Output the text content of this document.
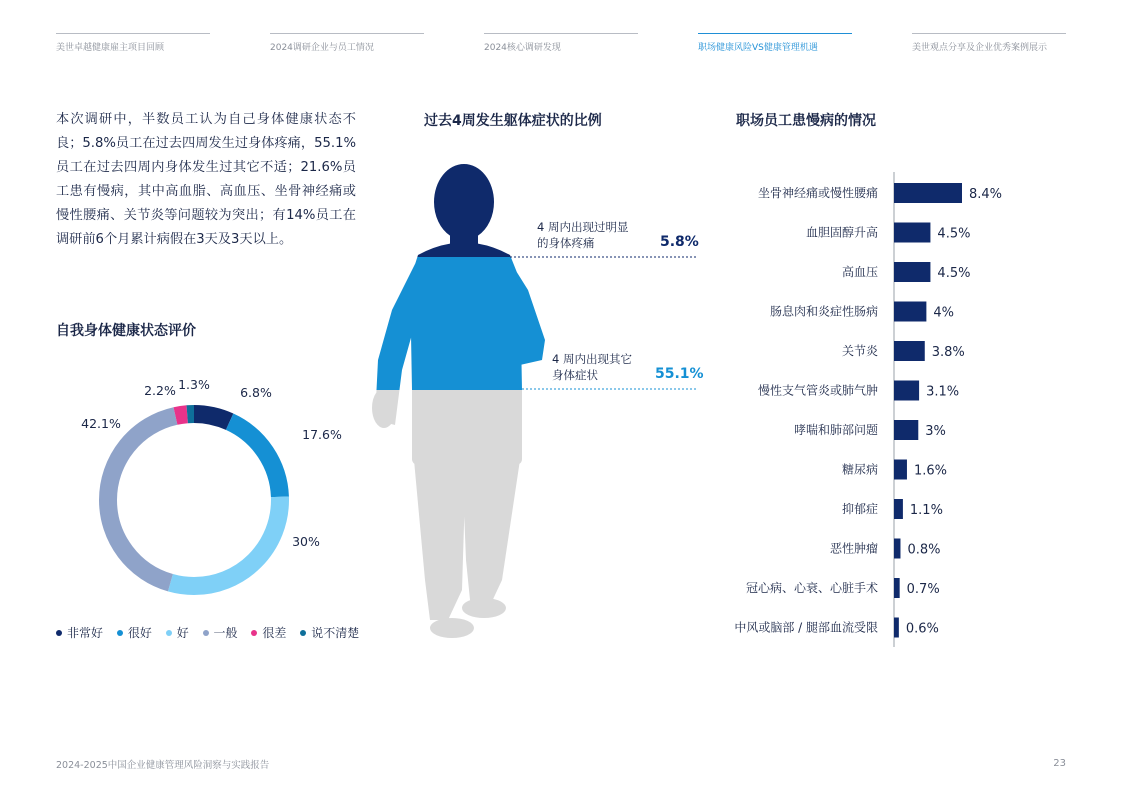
美世卓越健康雇主项目回顾	2024调研企业与员工情况	2024核心调研发现	职场健康风险VS健康管理机遇	美世观点分享及企业优秀案例展示
本次调研中，半数员工认为自己身体健康状态不良；5.8%员工在过去四周发生过身体疼痛，55.1%员工在过去四周内身体发生过其它不适；21.6%员工患有慢病，其中高血脂、高血压、坐骨神经痛或慢性腰痛、关节炎等问题较为突出；有14%员工在调研前6个月累计病假在3天及3天以上。
自我身体健康状态评价
6.8%
17.6%
30%
42.1%
2.2% 1.3%
非常好 很好 好 一般 很差 说不清楚
过去4周发生躯体症状的比例
4 周内出现过明显的身体疼痛	5.8%
4 周内出现其它身体症状	55.1%
职场员工患慢病的情况
坐骨神经痛或慢性腰痛	8.4%
血胆固醇升高	4.5%
高血压	4.5%
肠息肉和炎症性肠病	4%
关节炎	3.8%
慢性支气管炎或肺气肿	3.1%
哮喘和肺部问题	3%
糖尿病	1.6%
抑郁症 1.1%
恶性肿瘤 0.8%
冠心病、心衰、心脏手术 0.7%
中风或脑部 / 腿部血流受限 0.6%
2024-2025中国企业健康管理风险洞察与实践报告	23
